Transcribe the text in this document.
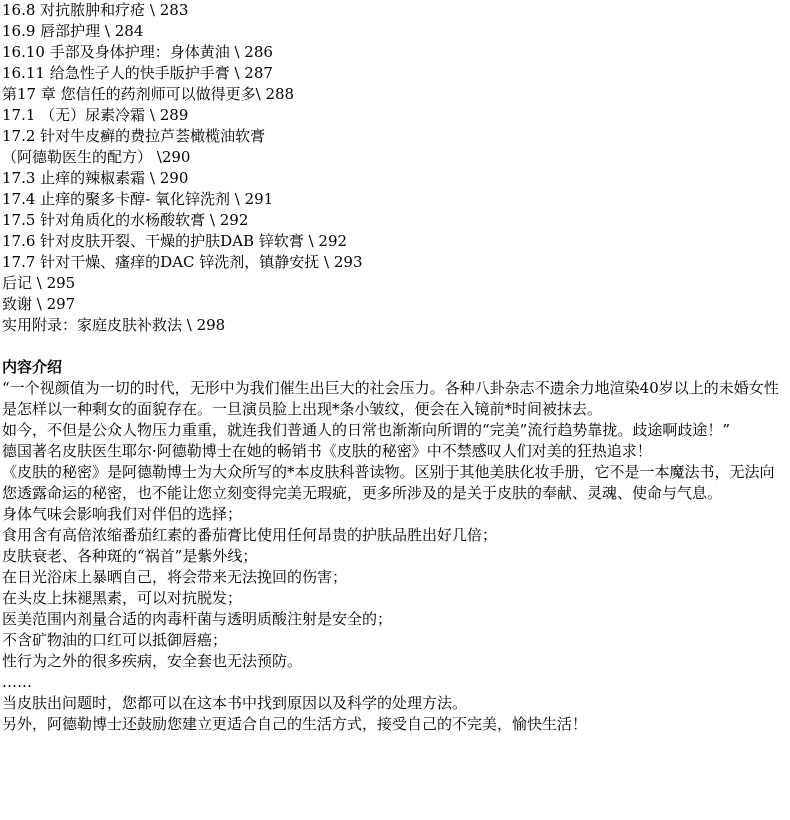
16.8 对抗脓肿和疗疮 \ 283
16.9 唇部护理 \ 284
16.10 手部及身体护理：身体黄油 \ 286
16.11 给急性子人的快手版护手膏 \ 287
第17 章 您信任的药剂师可以做得更多\ 288
17.1 （无）尿素冷霜 \ 289
17.2 针对牛皮癣的费拉芦荟橄榄油软膏
（阿德勒医生的配方） \290
17.3 止痒的辣椒素霜 \ 290
17.4 止痒的聚多卡醇- 氧化锌洗剂 \ 291
17.5 针对角质化的水杨酸软膏 \ 292
17.6 针对皮肤开裂、干燥的护肤DAB 锌软膏 \ 292
17.7 针对干燥、瘙痒的DAC 锌洗剂，镇静安抚 \ 293
后记 \ 295
致谢 \ 297
实用附录：家庭皮肤补救法 \ 298
内容介绍

“一个视颜值为一切的时代，无形中为我们催生出巨大的社会压力。各种八卦杂志不遗余力地渲染40岁以上的未婚女性是怎样以一种剩女的面貌存在。一旦演员脸上出现*条小皱纹，便会在入镜前*时间被抹去。

如今，不但是公众人物压力重重，就连我们普通人的日常也渐渐向所谓的“完美”流行趋势靠拢。歧途啊歧途！”

德国著名皮肤医生耶尔·阿德勒博士在她的畅销书《皮肤的秘密》中不禁感叹人们对美的狂热追求！

《皮肤的秘密》是阿德勒博士为大众所写的*本皮肤科普读物。区别于其他美肤化妆手册，它不是一本魔法书，无法向您透露命运的秘密，也不能让您立刻变得完美无瑕疵，更多所涉及的是关于皮肤的奉献、灵魂、使命与气息。

身体气味会影响我们对伴侣的选择；

食用含有高倍浓缩番茄红素的番茄膏比使用任何昂贵的护肤品胜出好几倍；

皮肤衰老、各种斑的“祸首”是紫外线；

在日光浴床上暴晒自己，将会带来无法挽回的伤害；

在头皮上抹褪黑素，可以对抗脱发；

医美范围内剂量合适的肉毒杆菌与透明质酸注射是安全的；

不含矿物油的口红可以抵御唇癌；

性行为之外的很多疾病，安全套也无法预防。

……

当皮肤出问题时，您都可以在这本书中找到原因以及科学的处理方法。

另外，阿德勒博士还鼓励您建立更适合自己的生活方式，接受自己的不完美，愉快生活！
